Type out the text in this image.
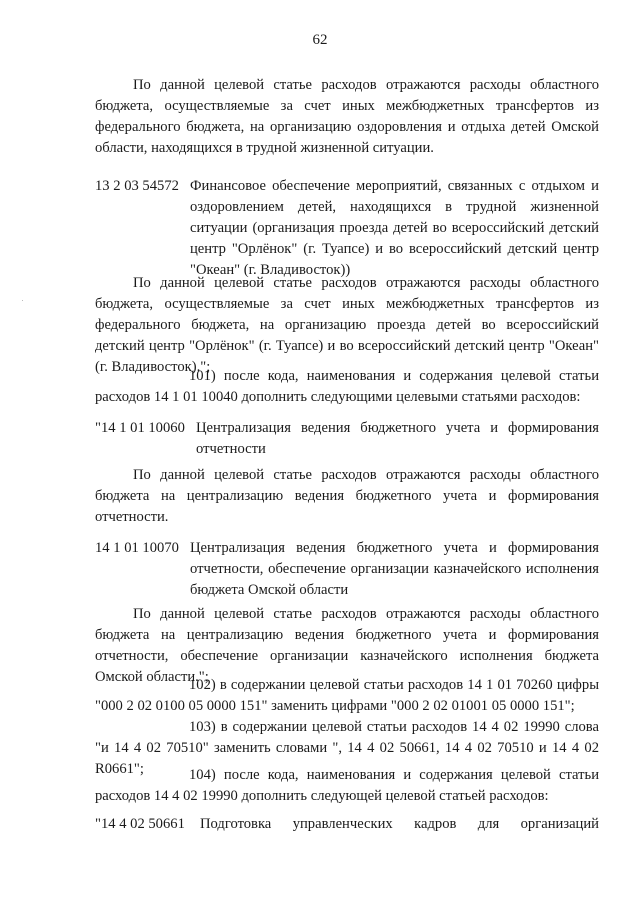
62
По данной целевой статье расходов отражаются расходы областного бюджета, осуществляемые за счет иных межбюджетных трансфертов из федерального бюджета, на организацию оздоровления и отдыха детей Омской области, находящихся в трудной жизненной ситуации.
13 2 03 54572 Финансовое обеспечение мероприятий, связанных с отдыхом и оздоровлением детей, находящихся в трудной жизненной ситуации (организация проезда детей во всероссийский детский центр "Орлёнок" (г. Туапсе) и во всероссийский детский центр "Океан" (г. Владивосток))
По данной целевой статье расходов отражаются расходы областного бюджета, осуществляемые за счет иных межбюджетных трансфертов из федерального бюджета, на организацию проезда детей во всероссийский детский центр "Орлёнок" (г. Туапсе) и во всероссийский детский центр "Океан" (г. Владивосток).";
101) после кода, наименования и содержания целевой статьи расходов 14 1 01 10040 дополнить следующими целевыми статьями расходов:
"14 1 01 10060 Централизация ведения бюджетного учета и формирования отчетности
По данной целевой статье расходов отражаются расходы областного бюджета на централизацию ведения бюджетного учета и формирования отчетности.
14 1 01 10070 Централизация ведения бюджетного учета и формирования отчетности, обеспечение организации казначейского исполнения бюджета Омской области
По данной целевой статье расходов отражаются расходы областного бюджета на централизацию ведения бюджетного учета и формирования отчетности, обеспечение организации казначейского исполнения бюджета Омской области.";
102) в содержании целевой статьи расходов 14 1 01 70260 цифры "000 2 02 0100 05 0000 151" заменить цифрами "000 2 02 01001 05 0000 151";
103) в содержании целевой статьи расходов 14 4 02 19990 слова "и 14 4 02 70510" заменить словами ", 14 4 02 50661, 14 4 02 70510 и 14 4 02 R0661";	104) после кода, наименования и содержания целевой статьи расходов 14 4 02 19990 дополнить следующей целевой статьей расходов:
"14 4 02 50661 Подготовка управленческих кадров для организаций
